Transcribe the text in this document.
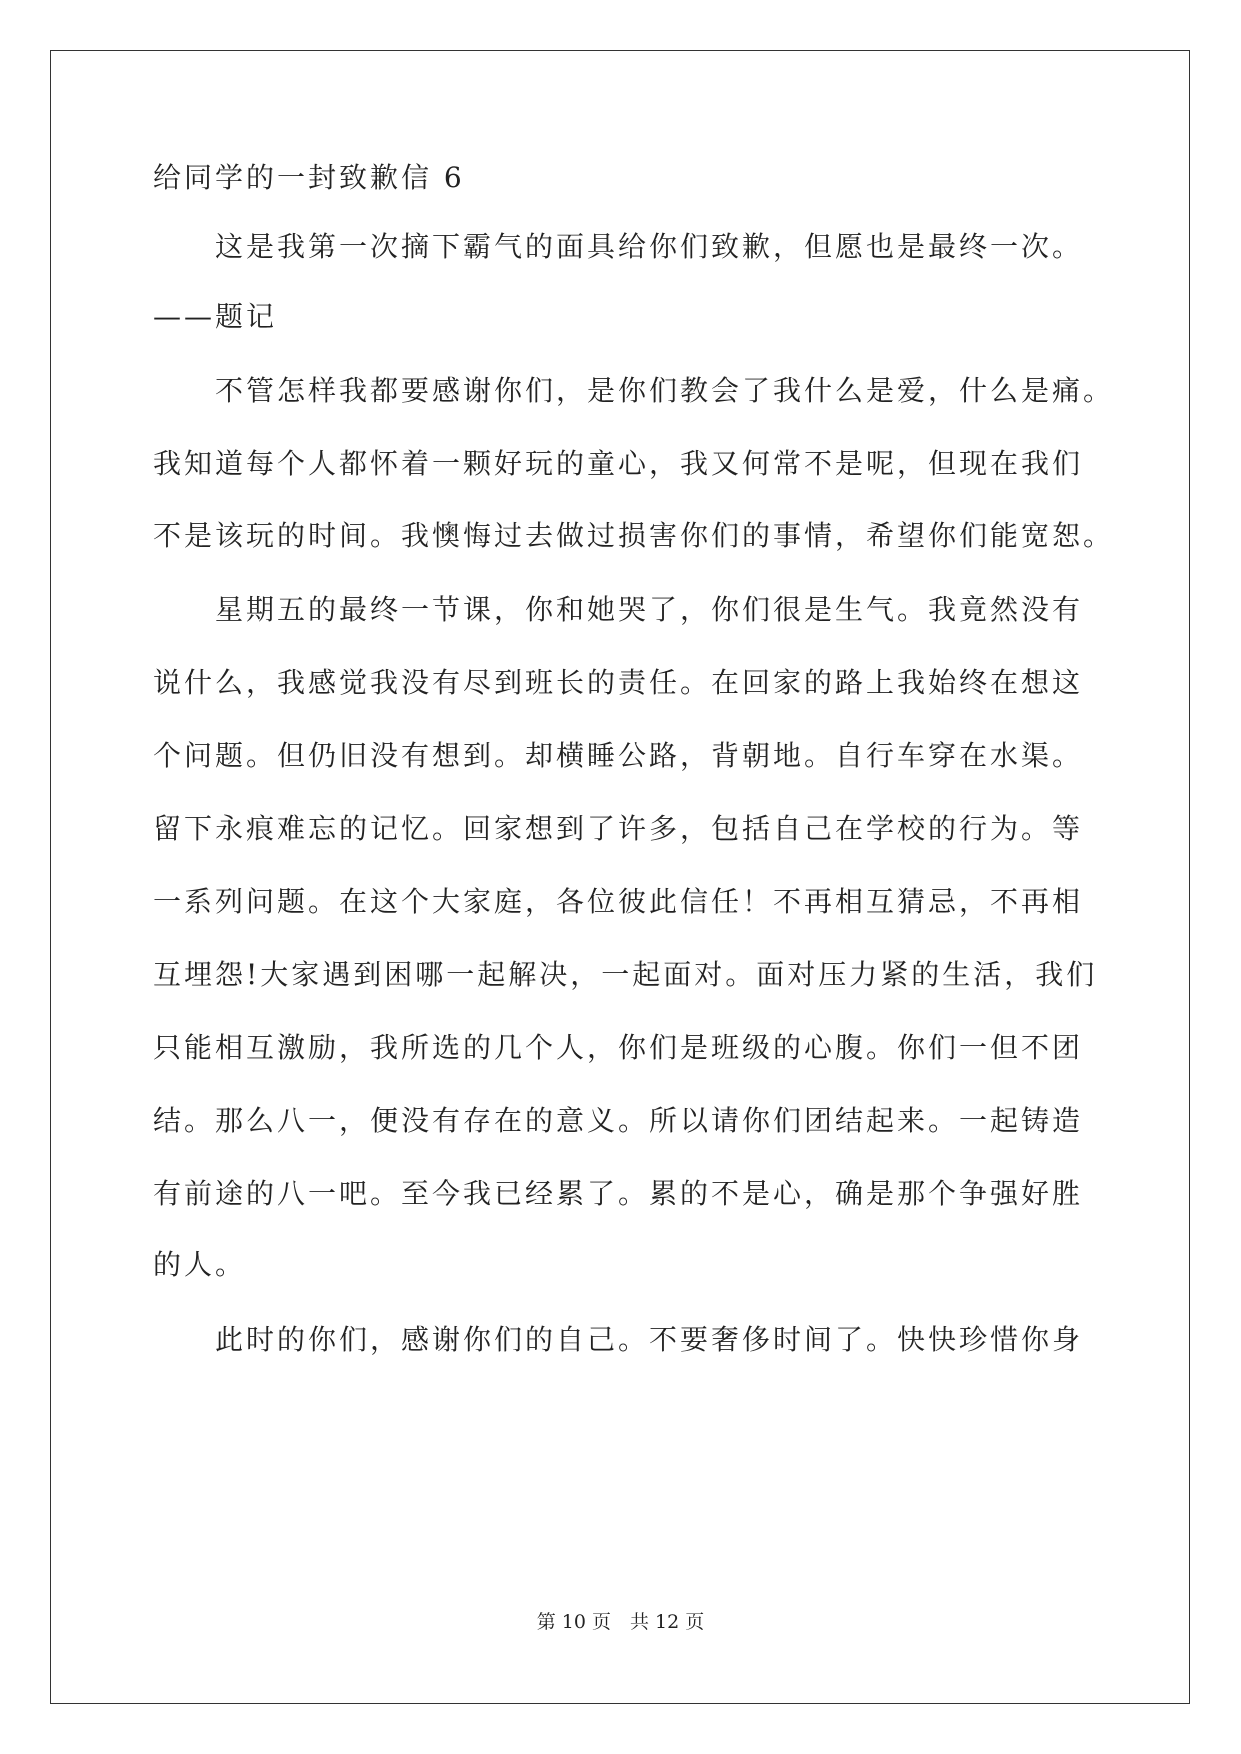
给同学的一封致歉信 6
这是我第一次摘下霸气的面具给你们致歉，但愿也是最终一次。
——题记
不管怎样我都要感谢你们，是你们教会了我什么是爱，什么是痛。
我知道每个人都怀着一颗好玩的童心，我又何常不是呢，但现在我们
不是该玩的时间。我懊悔过去做过损害你们的事情，希望你们能宽恕。
星期五的最终一节课，你和她哭了，你们很是生气。我竟然没有
说什么，我感觉我没有尽到班长的责任。在回家的路上我始终在想这
个问题。但仍旧没有想到。却横睡公路，背朝地。自行车穿在水渠。
留下永痕难忘的记忆。回家想到了许多，包括自己在学校的行为。等
一系列问题。在这个大家庭，各位彼此信任！不再相互猜忌，不再相
互埋怨!大家遇到困哪一起解决，一起面对。面对压力紧的生活，我们
只能相互激励，我所选的几个人，你们是班级的心腹。你们一但不团
结。那么八一，便没有存在的意义。所以请你们团结起来。一起铸造
有前途的八一吧。至今我已经累了。累的不是心，确是那个争强好胜
的人。
此时的你们，感谢你们的自己。不要奢侈时间了。快快珍惜你身
第 10 页　共 12 页
